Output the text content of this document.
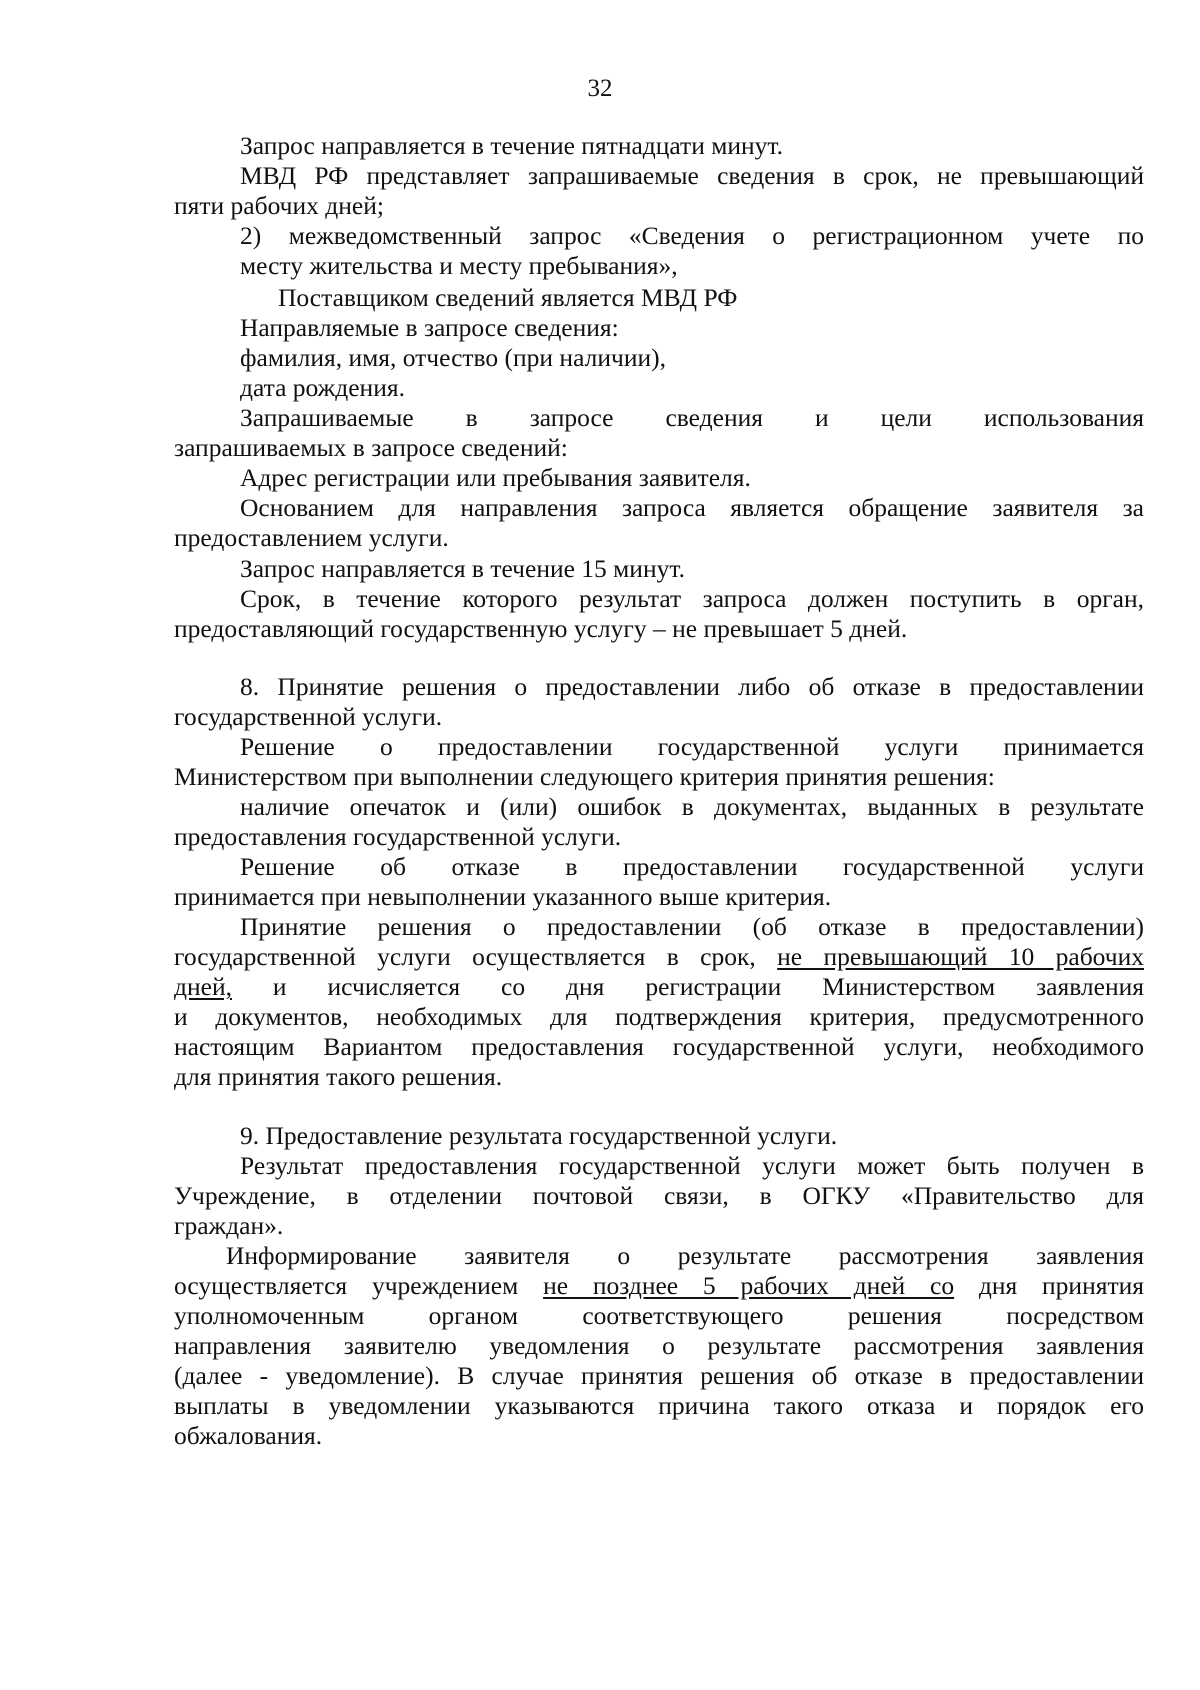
32
Запрос направляется в течение пятнадцати минут.
МВД РФ представляет запрашиваемые сведения в срок, не превышающий
пяти рабочих дней;
2) межведомственный запрос «Сведения о регистрационном учете по
месту жительства и месту пребывания»,
Поставщиком сведений является МВД РФ
Направляемые в запросе сведения:
фамилия, имя, отчество (при наличии),
дата рождения.
Запрашиваемые в запросе сведения и цели использования
запрашиваемых в запросе сведений:
Адрес регистрации или пребывания заявителя.
Основанием для направления запроса является обращение заявителя за
предоставлением услуги.
Запрос направляется в течение 15 минут.
Срок, в течение которого результат запроса должен поступить в орган,
предоставляющий государственную услугу – не превышает 5 дней.
8. Принятие решения о предоставлении либо об отказе в предоставлении
государственной услуги.
Решение о предоставлении государственной услуги принимается
Министерством при выполнении следующего критерия принятия решения:
наличие опечаток и (или) ошибок в документах, выданных в результате
предоставления государственной услуги.
Решение об отказе в предоставлении государственной услуги
принимается при невыполнении указанного выше критерия.
Принятие решения о предоставлении (об отказе в предоставлении)
государственной услуги осуществляется в срок, не превышающий 10 рабочих
дней, и исчисляется со дня регистрации Министерством заявления
и документов, необходимых для подтверждения критерия, предусмотренного
настоящим Вариантом предоставления государственной услуги, необходимого
для принятия такого решения.
9. Предоставление результата государственной услуги.
Результат предоставления государственной услуги может быть получен в
Учреждение, в отделении почтовой связи, в ОГКУ «Правительство для
граждан».
Информирование заявителя о результате рассмотрения заявления
осуществляется учреждением не позднее 5 рабочих дней со дня принятия
уполномоченным органом соответствующего решения посредством
направления заявителю уведомления о результате рассмотрения заявления
(далее - уведомление). В случае принятия решения об отказе в предоставлении
выплаты в уведомлении указываются причина такого отказа и порядок его
обжалования.
